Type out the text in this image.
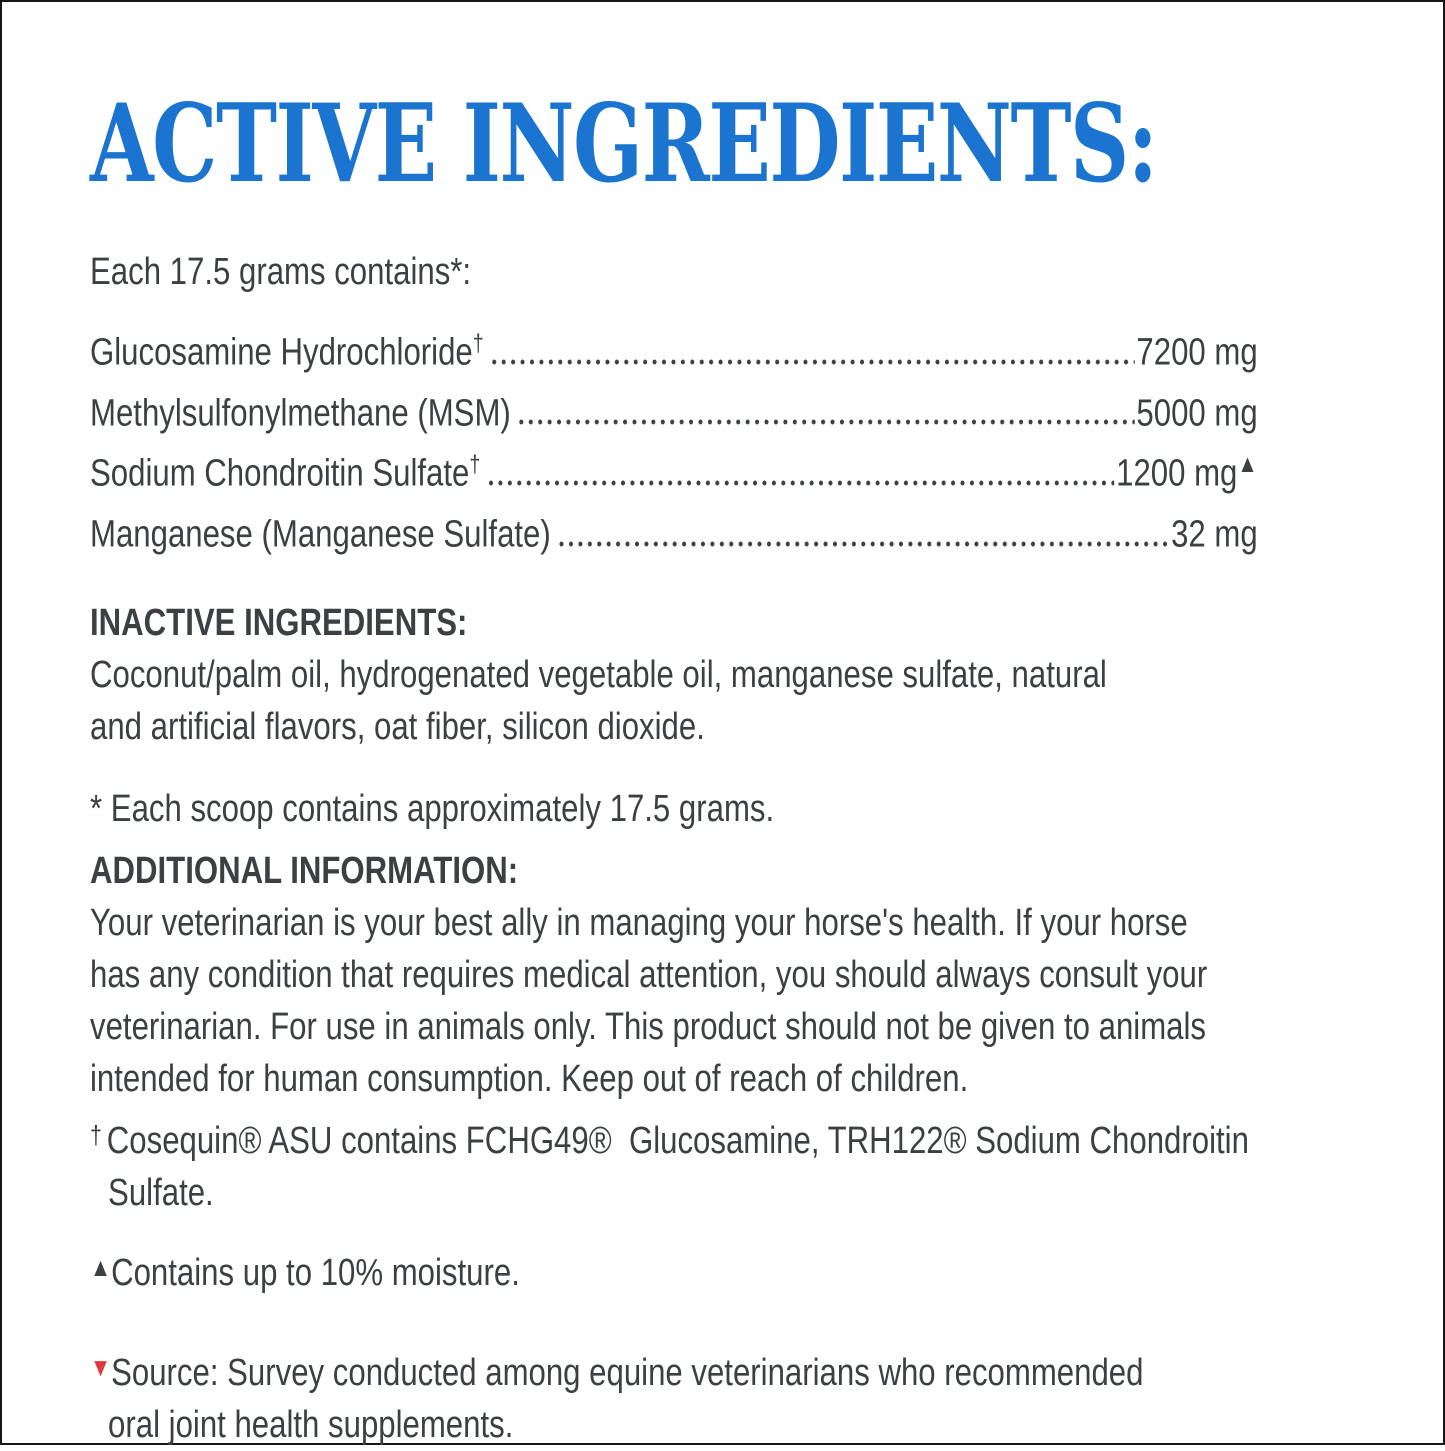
ACTIVE INGREDIENTS:
Each 17.5 grams contains*:
Glucosamine Hydrochloride†	7200 mg
Methylsulfonylmethane (MSM)	5000 mg
Sodium Chondroitin Sulfate†	1200 mg▲
Manganese (Manganese Sulfate)	32 mg
INACTIVE INGREDIENTS:
Coconut/palm oil, hydrogenated vegetable oil, manganese sulfate, natural
and artificial flavors, oat fiber, silicon dioxide.
* Each scoop contains approximately 17.5 grams.
ADDITIONAL INFORMATION:
Your veterinarian is your best ally in managing your horse's health. If your horse
has any condition that requires medical attention, you should always consult your
veterinarian. For use in animals only. This product should not be given to animals
intended for human consumption. Keep out of reach of children.
† Cosequin® ASU contains FCHG49®  Glucosamine, TRH122® Sodium Chondroitin
Sulfate.
▲Contains up to 10% moisture.
▼Source: Survey conducted among equine veterinarians who recommended
oral joint health supplements.
